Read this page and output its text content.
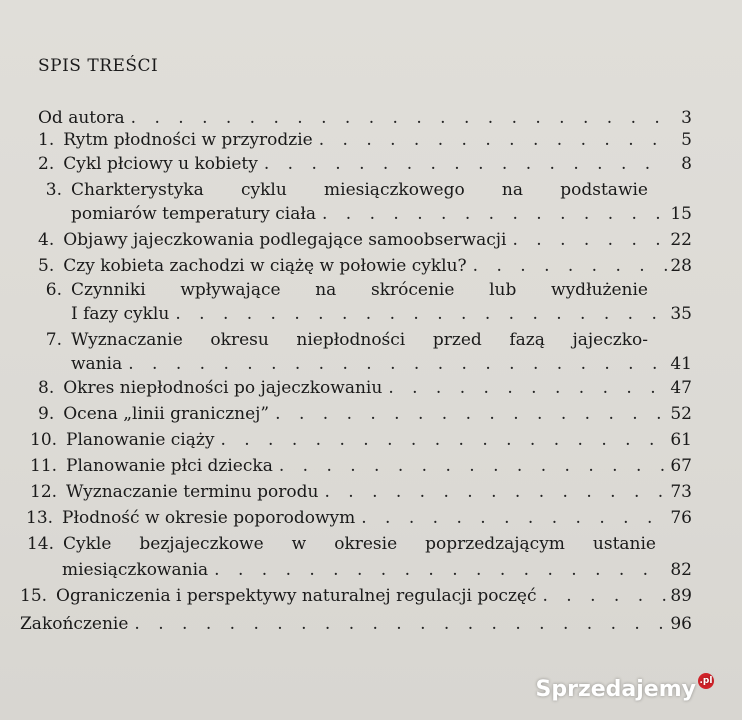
SPIS TREŚCI
Od autora . . .	3
1. Rytm płodności w przyrodzie . . .	5
2. Cykl płciowy u kobiety . . .	8
3. Charkterystyka cyklu miesiączkowego na podstawie
pomiarów temperatury ciała . . .	15
4. Objawy jajeczkowania podlegające samoobserwacji . . .	22
5. Czy kobieta zachodzi w ciążę w połowie cyklu? . . .	28
6. Czynniki wpływające na skrócenie lub wydłużenie
I fazy cyklu . . .	35
7. Wyznaczanie okresu niepłodności przed fazą jajeczko-
wania . . .	41
8. Okres niepłodności po jajeczkowaniu . . .	47
9. Ocena „linii granicznej” . . .	52
10. Planowanie ciąży . . .	61
11. Planowanie płci dziecka . . .	67
12. Wyznaczanie terminu porodu . . .	73
13. Płodność w okresie poporodowym . . .	76
14. Cykle bezjajeczkowe w okresie poprzedzającym ustanie
miesiączkowania . . .	82
15. Ograniczenia i perspektywy naturalnej regulacji poczęć . . .	89
Zakończenie . . .	96
Sprzedajemy .pl
